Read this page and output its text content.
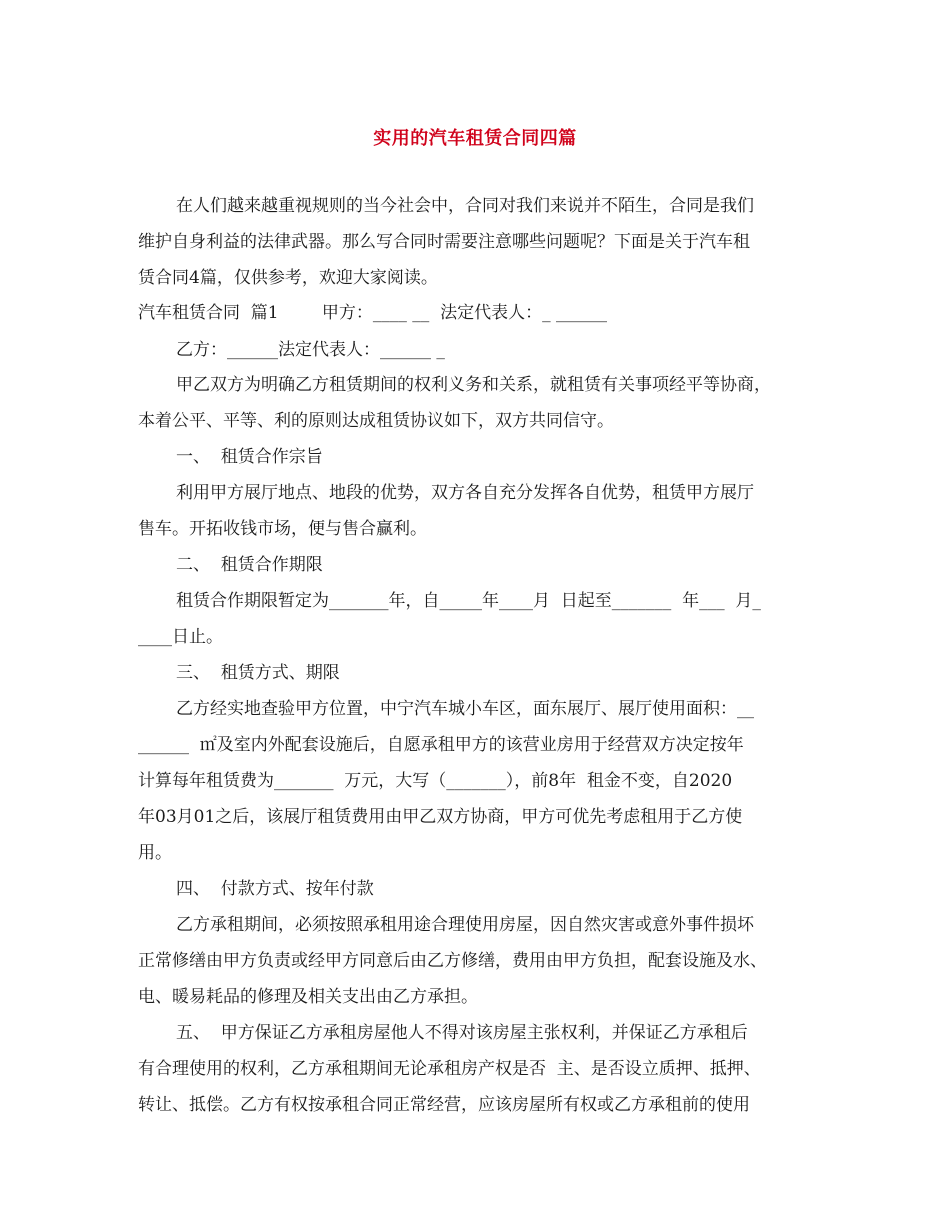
实用的汽车租赁合同四篇
在人们越来越重视规则的当今社会中，合同对我们来说并不陌生，合同是我们
维护自身利益的法律武器。那么写合同时需要注意哪些问题呢？下面是关于汽车租
赁合同4篇，仅供参考，欢迎大家阅读。
汽车租赁合同  篇1        甲方：____ __  法定代表人：_ ______
乙方：______法定代表人：______ _
甲乙双方为明确乙方租赁期间的权利义务和关系，就租赁有关事项经平等协商，
本着公平、平等、利的原则达成租赁协议如下，双方共同信守。
一、  租赁合作宗旨
利用甲方展厅地点、地段的优势，双方各自充分发挥各自优势，租赁甲方展厅
售车。开拓收钱市场，便与售合赢利。
二、  租赁合作期限
租赁合作期限暂定为_______年，自_____年____月  日起至_______  年___  月_
____日止。
三、  租赁方式、期限
乙方经实地查验甲方位置，中宁汽车城小车区，面东展厅、展厅使用面积：__
______  ㎡及室内外配套设施后，自愿承租甲方的该营业房用于经营双方决定按年
计算每年租赁费为_______  万元，大写（_______），前8年  租金不变，自2020
年03月01之后，该展厅租赁费用由甲乙双方协商，甲方可优先考虑租用于乙方使
用。
四、  付款方式、按年付款
乙方承租期间，必须按照承租用途合理使用房屋，因自然灾害或意外事件损坏
正常修缮由甲方负责或经甲方同意后由乙方修缮，费用由甲方负担，配套设施及水、
电、暖易耗品的修理及相关支出由乙方承担。
五、  甲方保证乙方承租房屋他人不得对该房屋主张权利，并保证乙方承租后
有合理使用的权利，乙方承租期间无论承租房产权是否  主、是否设立质押、抵押、
转让、抵偿。乙方有权按承租合同正常经营，应该房屋所有权或乙方承租前的使用
